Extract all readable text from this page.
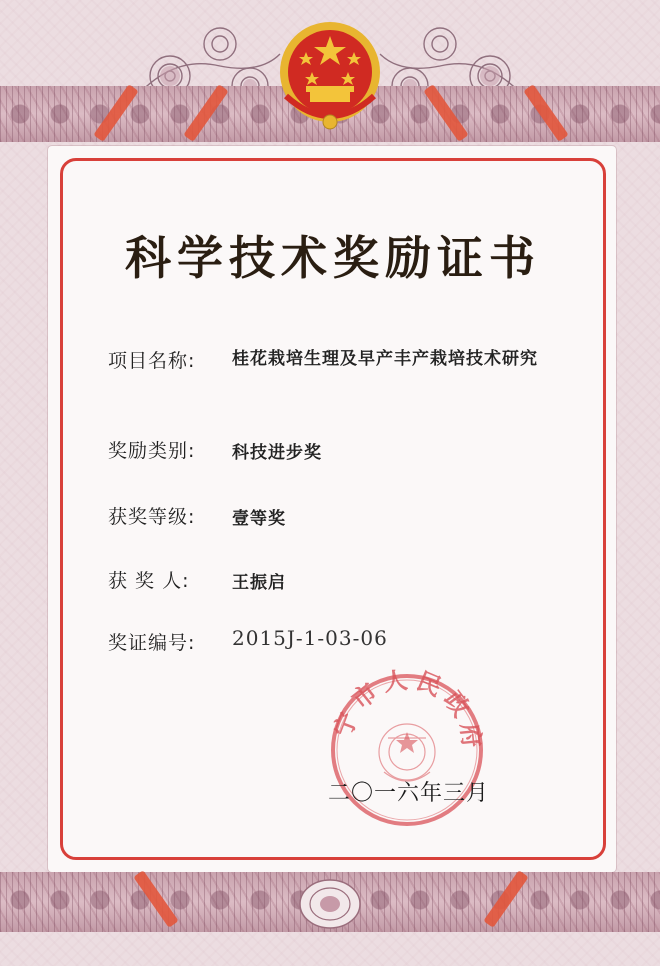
科学技术奖励证书
项目名称: 桂花栽培生理及早产丰产栽培技术研究
奖励类别: 科技进步奖
获奖等级: 壹等奖
获 奖 人:	王振启
奖证编号: 2015J-1-03-06
宁市人民政府
二〇一六年三月
